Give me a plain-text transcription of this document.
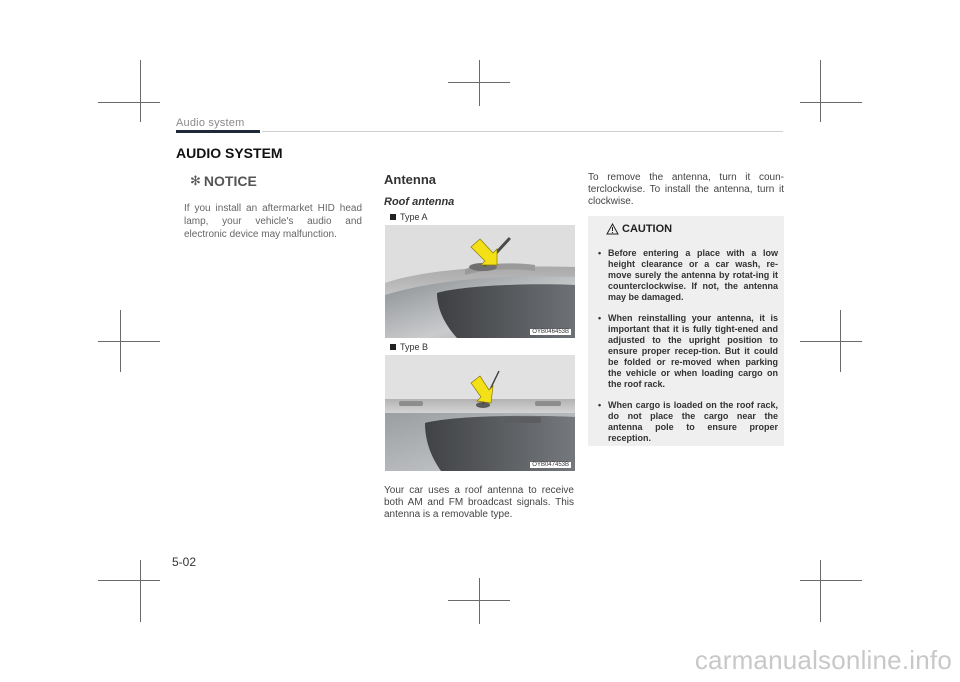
Audio system
AUDIO SYSTEM
✻ NOTICE
If you install an aftermarket HID head lamp, your vehicle's audio and electronic device may malfunction.
Antenna
Roof antenna
Type A
OYB046453B
Type B
OYB047453B
Your car uses a roof antenna to receive both AM and FM broadcast signals. This antenna is a removable type.
To remove the antenna, turn it coun-terclockwise. To install the antenna, turn it clockwise.
CAUTION
• Before entering a place with a low height clearance or a car wash, re-move surely the antenna by rotat-ing it counterclockwise. If not, the antenna may be damaged.
• When reinstalling your antenna, it is important that it is fully tight-ened and adjusted to the upright position to ensure proper recep-tion. But it could be folded or re-moved when parking the vehicle or when loading cargo on the roof rack.
• When cargo is loaded on the roof rack, do not place the cargo near the antenna pole to ensure proper reception.
5-02
carmanualsonline.info
